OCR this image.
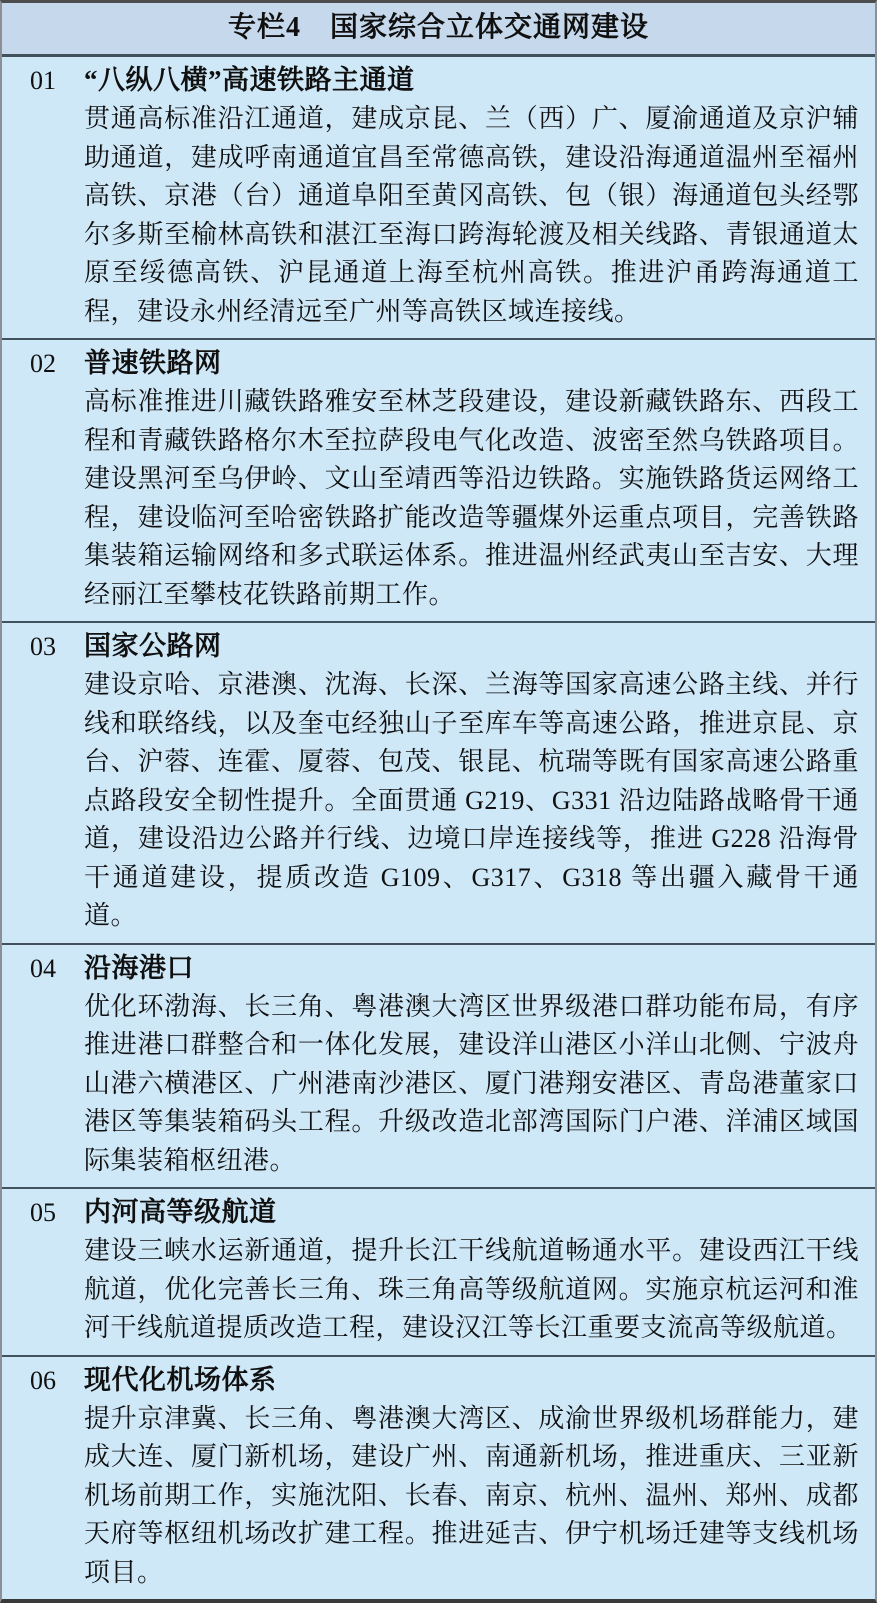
专栏4　国家综合立体交通网建设
01	“八纵八横”高速铁路主通道
贯通高标准沿江通道，建成京昆、兰（西）广、厦渝通道及京沪辅助通道，建成呼南通道宜昌至常德高铁，建设沿海通道温州至福州高铁、京港（台）通道阜阳至黄冈高铁、包（银）海通道包头经鄂尔多斯至榆林高铁和湛江至海口跨海轮渡及相关线路、青银通道太原至绥德高铁、沪昆通道上海至杭州高铁。推进沪甬跨海通道工程，建设永州经清远至广州等高铁区域连接线。
02	普速铁路网
高标准推进川藏铁路雅安至林芝段建设，建设新藏铁路东、西段工程和青藏铁路格尔木至拉萨段电气化改造、波密至然乌铁路项目。建设黑河至乌伊岭、文山至靖西等沿边铁路。实施铁路货运网络工程，建设临河至哈密铁路扩能改造等疆煤外运重点项目，完善铁路集装箱运输网络和多式联运体系。推进温州经武夷山至吉安、大理经丽江至攀枝花铁路前期工作。
03	国家公路网
建设京哈、京港澳、沈海、长深、兰海等国家高速公路主线、并行线和联络线，以及奎屯经独山子至库车等高速公路，推进京昆、京台、沪蓉、连霍、厦蓉、包茂、银昆、杭瑞等既有国家高速公路重点路段安全韧性提升。全面贯通 G219、G331 沿边陆路战略骨干通道，建设沿边公路并行线、边境口岸连接线等，推进 G228 沿海骨干通道建设，提质改造 G109、G317、G318 等出疆入藏骨干通道。
04	沿海港口
优化环渤海、长三角、粤港澳大湾区世界级港口群功能布局，有序推进港口群整合和一体化发展，建设洋山港区小洋山北侧、宁波舟山港六横港区、广州港南沙港区、厦门港翔安港区、青岛港董家口港区等集装箱码头工程。升级改造北部湾国际门户港、洋浦区域国际集装箱枢纽港。
05	内河高等级航道
建设三峡水运新通道，提升长江干线航道畅通水平。建设西江干线航道，优化完善长三角、珠三角高等级航道网。实施京杭运河和淮河干线航道提质改造工程，建设汉江等长江重要支流高等级航道。
06	现代化机场体系
提升京津冀、长三角、粤港澳大湾区、成渝世界级机场群能力，建成大连、厦门新机场，建设广州、南通新机场，推进重庆、三亚新机场前期工作，实施沈阳、长春、南京、杭州、温州、郑州、成都天府等枢纽机场改扩建工程。推进延吉、伊宁机场迁建等支线机场项目。
